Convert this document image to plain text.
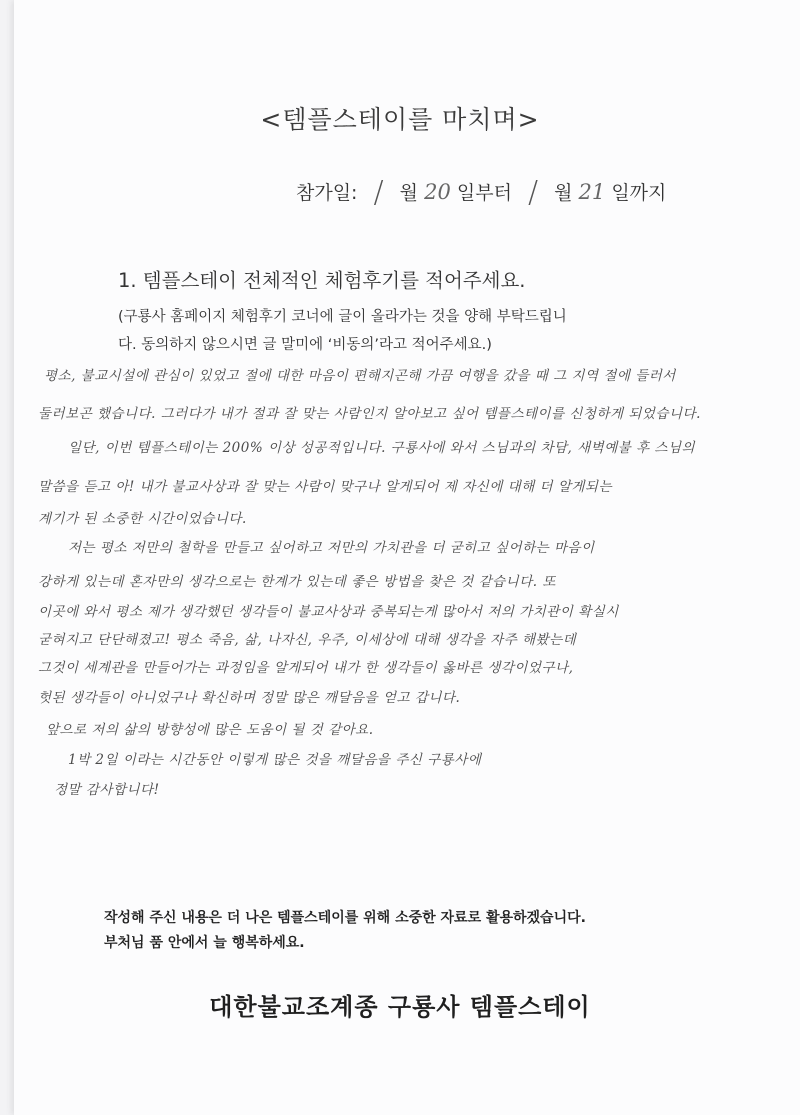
<템플스테이를 마치며>
참가일: / 월 20 일부터 / 월 21 일까지
1. 템플스테이 전체적인 체험후기를 적어주세요.
(구룡사 홈페이지 체험후기 코너에 글이 올라가는 것을 양해 부탁드립니
다. 동의하지 않으시면 글 말미에 ‘비동의’라고 적어주세요.)
평소, 불교시설에 관심이 있었고 절에 대한 마음이 편해지곤해 가끔 여행을 갔을 때 그 지역 절에 들러서
둘러보곤 했습니다. 그러다가 내가 절과 잘 맞는 사람인지 알아보고 싶어 템플스테이를 신청하게 되었습니다.
일단, 이번 템플스테이는 200% 이상 성공적입니다. 구룡사에 와서 스님과의 차담, 새벽예불 후 스님의
말씀을 듣고 아! 내가 불교사상과 잘 맞는 사람이 맞구나 알게되어 제 자신에 대해 더 알게되는
계기가 된 소중한 시간이었습니다.
저는 평소 저만의 철학을 만들고 싶어하고 저만의 가치관을 더 굳히고 싶어하는 마음이
강하게 있는데 혼자만의 생각으로는 한계가 있는데 좋은 방법을 찾은 것 같습니다. 또
이곳에 와서 평소 제가 생각했던 생각들이 불교사상과 중복되는게 많아서 저의 가치관이 확실시
굳혀지고 단단해졌고! 평소 죽음, 삶, 나자신, 우주, 이세상에 대해 생각을 자주 해봤는데
그것이 세계관을 만들어가는 과정임을 알게되어 내가 한 생각들이 옳바른 생각이었구나,
헛된 생각들이 아니었구나 확신하며 정말 많은 깨달음을 얻고 갑니다.
앞으로 저의 삶의 방향성에 많은 도움이 될 것 같아요.
1박 2일 이라는 시간동안 이렇게 많은 것을 깨달음을 주신 구룡사에
정말 감사합니다!
작성해 주신 내용은 더 나은 템플스테이를 위해 소중한 자료로 활용하겠습니다.
부처님 품 안에서 늘 행복하세요.
대한불교조계종 구룡사 템플스테이
